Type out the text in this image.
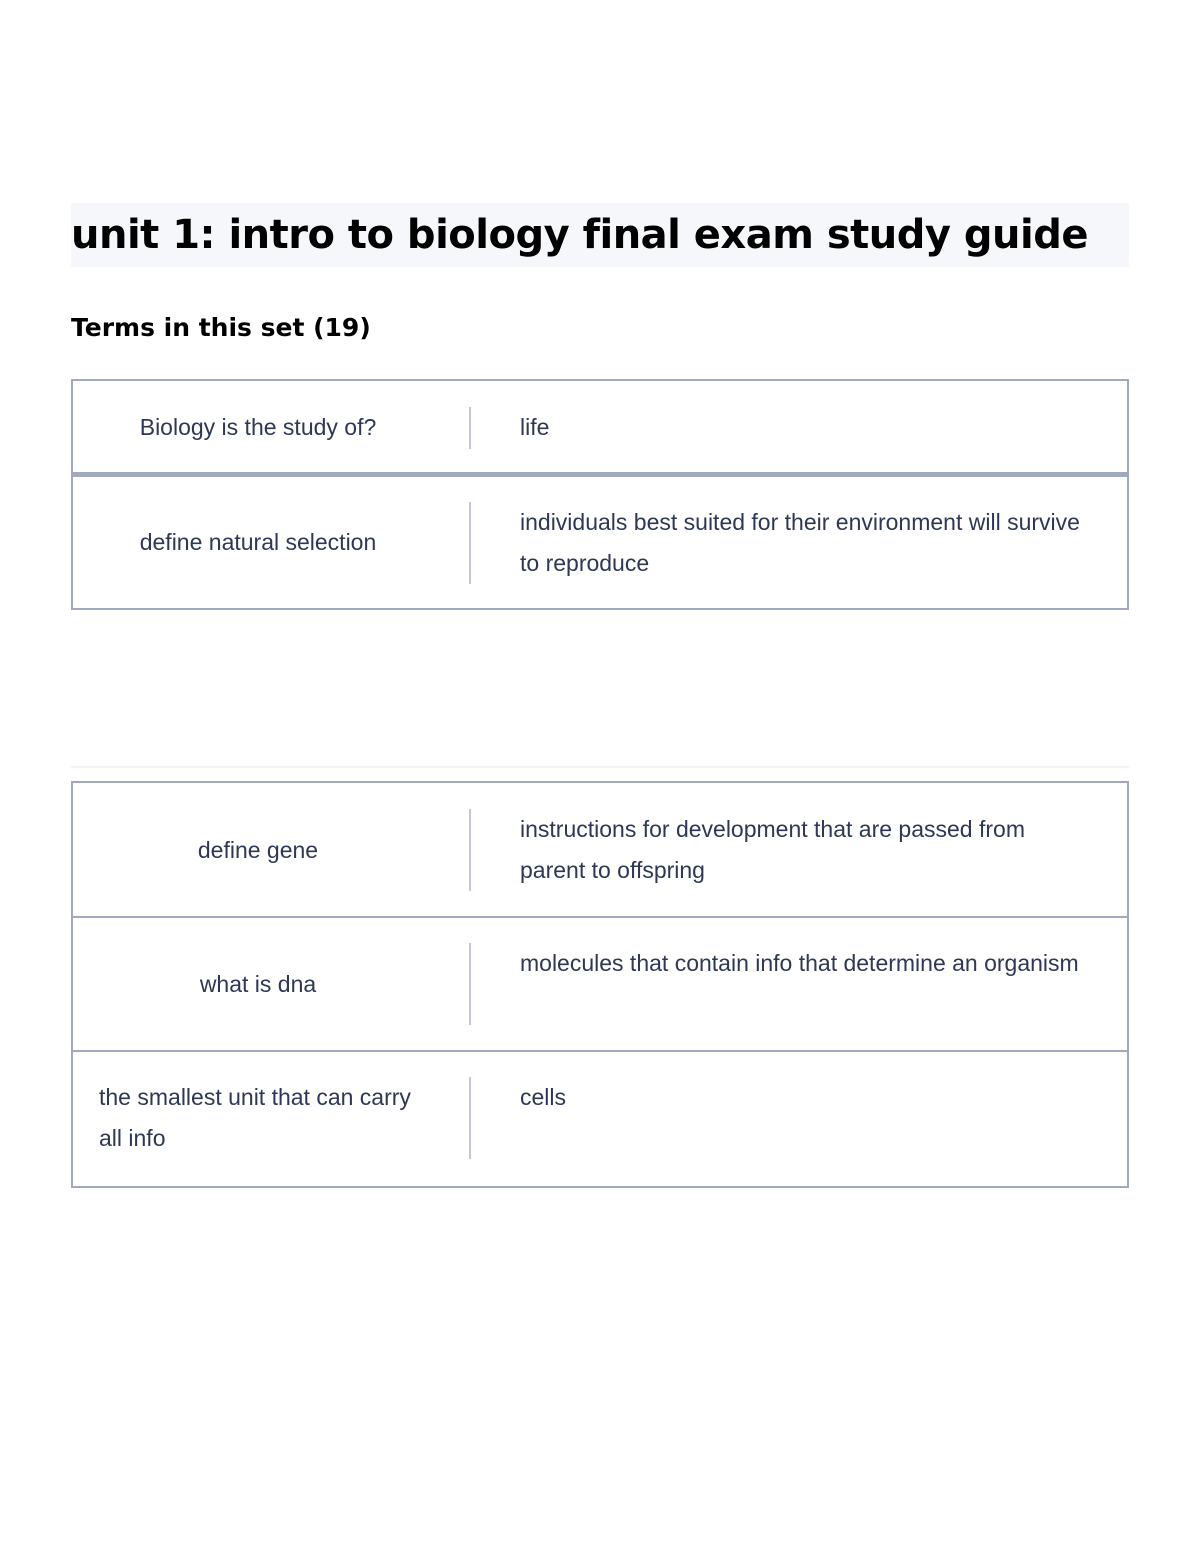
unit 1: intro to biology final exam study guide
Terms in this set (19)
Biology is the study of?	life
define natural selection
individuals best suited for their environment will survive to reproduce
define gene
instructions for development that are passed from parent to offspring
what is dna
molecules that contain info that determine an organism
the smallest unit that can carry all info
cells
